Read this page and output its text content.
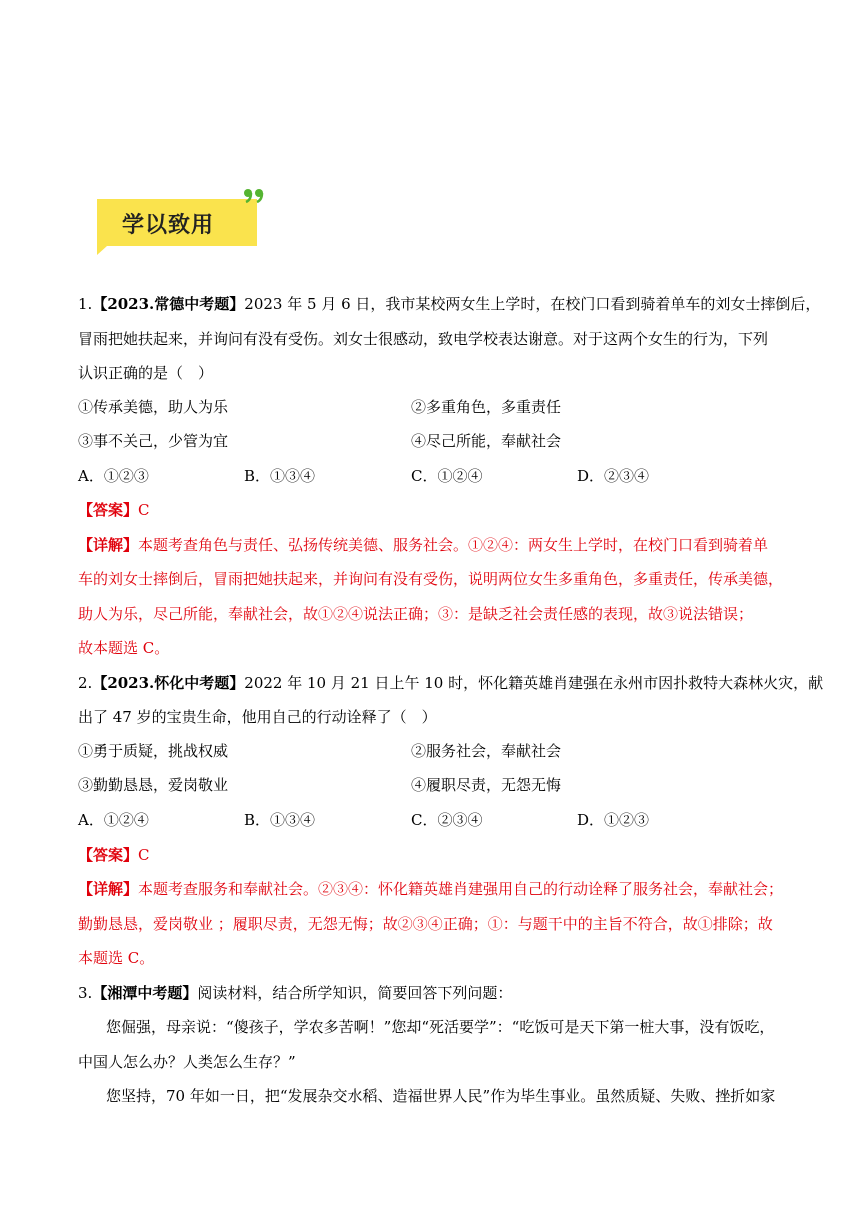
学以致用
1.【2023.常德中考题】2023 年 5 月 6 日，我市某校两女生上学时，在校门口看到骑着单车的刘女士摔倒后，
冒雨把她扶起来，并询问有没有受伤。刘女士很感动，致电学校表达谢意。对于这两个女生的行为，下列
认识正确的是（　）
①传承美德，助人为乐	②多重角色，多重责任
③事不关己，少管为宜	④尽己所能，奉献社会
A．①②③	B．①③④	C．①②④	D．②③④
【答案】C
【详解】本题考查角色与责任、弘扬传统美德、服务社会。①②④：两女生上学时，在校门口看到骑着单
车的刘女士摔倒后，冒雨把她扶起来，并询问有没有受伤，说明两位女生多重角色，多重责任，传承美德，
助人为乐，尽己所能，奉献社会，故①②④说法正确；③：是缺乏社会责任感的表现，故③说法错误；
故本题选 C。
2.【2023.怀化中考题】2022 年 10 月 21 日上午 10 时，怀化籍英雄肖建强在永州市因扑救特大森林火灾，献
出了 47 岁的宝贵生命，他用自己的行动诠释了（　）
①勇于质疑，挑战权威	②服务社会，奉献社会
③勤勤恳恳，爱岗敬业	④履职尽责，无怨无悔
A．①②④	B．①③④	C．②③④	D．①②③
【答案】C
【详解】本题考查服务和奉献社会。②③④：怀化籍英雄肖建强用自己的行动诠释了服务社会，奉献社会；
勤勤恳恳，爱岗敬业 ；履职尽责，无怨无悔；故②③④正确；①：与题干中的主旨不符合，故①排除；故
本题选 C。
3.【湘潭中考题】阅读材料，结合所学知识，简要回答下列问题：
您倔强，母亲说：“傻孩子，学农多苦啊！”您却“死活要学”：“吃饭可是天下第一桩大事，没有饭吃，
中国人怎么办？人类怎么生存？”
您坚持，70 年如一日，把“发展杂交水稻、造福世界人民”作为毕生事业。虽然质疑、失败、挫折如家
